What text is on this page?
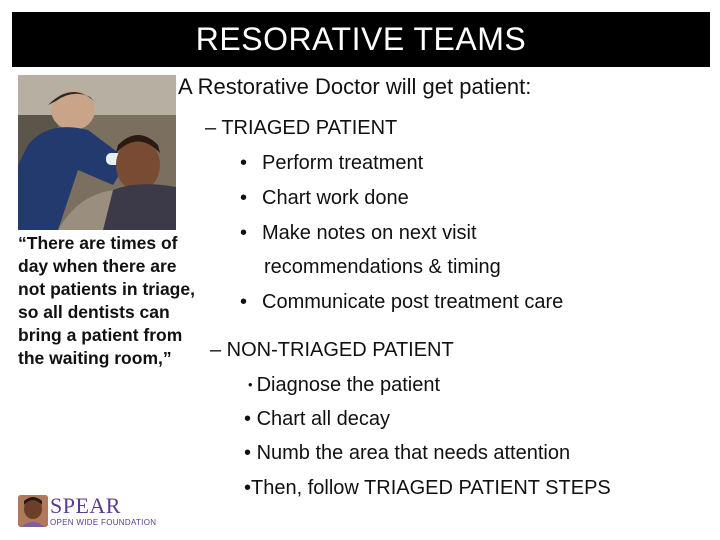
RESORATIVE TEAMS
A Restorative Doctor will get patient:
– TRIAGED PATIENT
• Perform treatment
• Chart work done
• Make notes on next visit
recommendations & timing
• Communicate post treatment care
– NON-TRIAGED PATIENT
• Diagnose the patient
• Chart all decay
• Numb the area that needs attention
•Then, follow TRIAGED PATIENT STEPS
“There are times of day when there are not patients in triage, so all dentists can bring a patient from the waiting room,”
SPEAR
OPEN WIDE FOUNDATION
